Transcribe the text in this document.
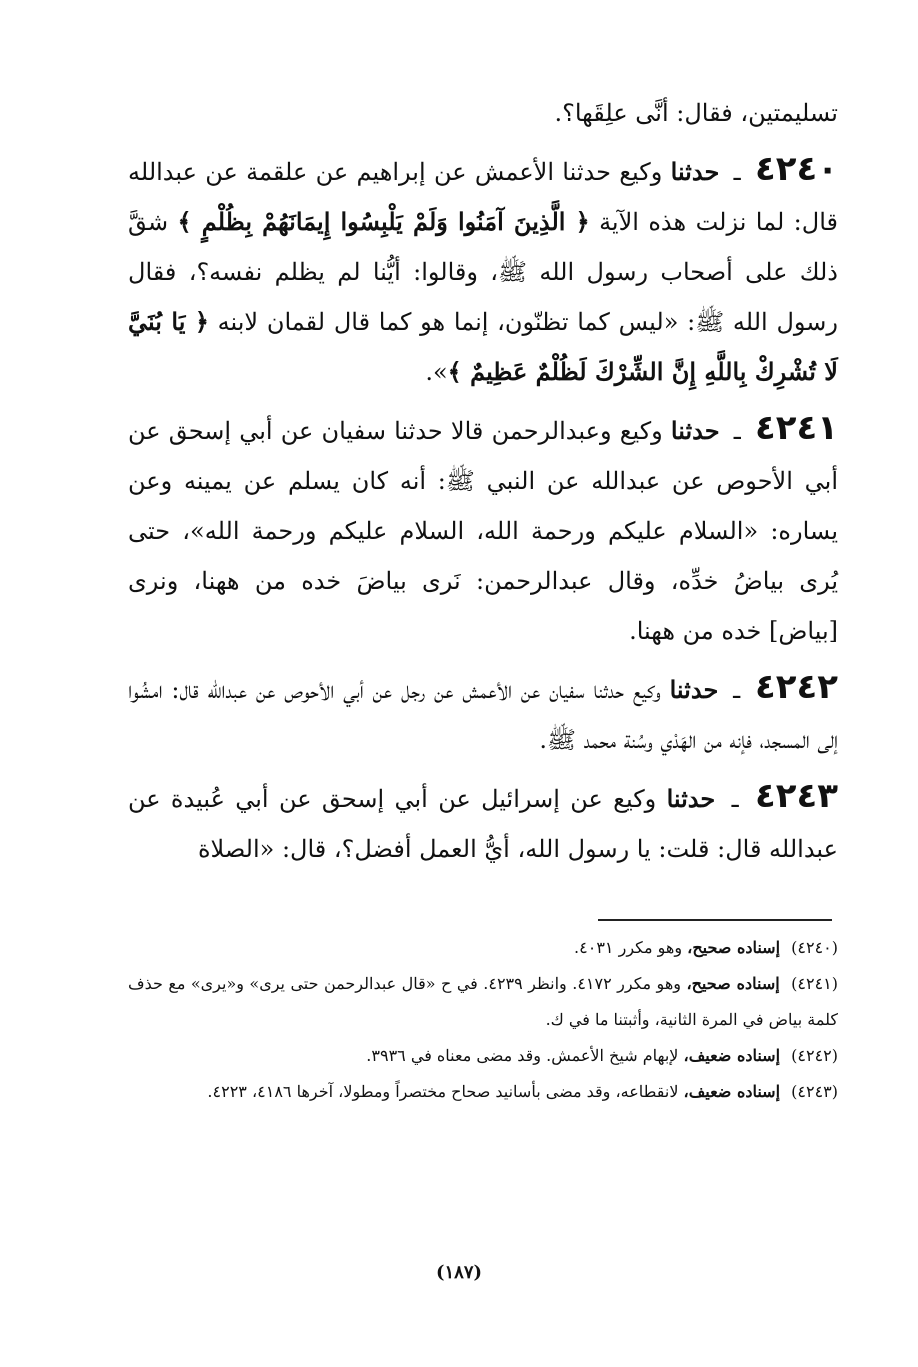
تسليمتين، فقال: أنَّى علِقَها؟.

٤٢٤٠ ـ حدثنا وكيع حدثنا الأعمش عن إبراهيم عن علقمة عن عبدالله قال: لما نزلت هذه الآية ﴿ الَّذِينَ آمَنُوا وَلَمْ يَلْبِسُوا إِيمَانَهُمْ بِظُلْمٍ ﴾ شقَّ ذلك على أصحاب رسول الله ﷺ، وقالوا: أيُّنا لم يظلم نفسه؟، فقال رسول الله ﷺ: «ليس كما تظنّون، إنما هو كما قال لقمان لابنه ﴿ يَا بُنَيَّ لَا تُشْرِكْ بِاللَّهِ إِنَّ الشِّرْكَ لَظُلْمٌ عَظِيمٌ ﴾».

٤٢٤١ ـ حدثنا وكيع وعبدالرحمن قالا حدثنا سفيان عن أبي إسحق عن أبي الأحوص عن عبدالله عن النبي ﷺ: أنه كان يسلم عن يمينه وعن يساره: «السلام عليكم ورحمة الله، السلام عليكم ورحمة الله»، حتى يُرى بياضُ خدِّه، وقال عبدالرحمن: نَرى بياضَ خده من ههنا، ونرى [بياض] خده من ههنا.

٤٢٤٢ ـ حدثنا وكيع حدثنا سفيان عن الأعمش عن رجل عن أبي الأحوص عن عبدالله قال: امشُوا إلى المسجد، فإنه من الهَدْي وسُنة محمد ﷺ.

٤٢٤٣ ـ حدثنا وكيع عن إسرائيل عن أبي إسحق عن أبي عُبيدة عن عبدالله قال: قلت: يا رسول الله، أيُّ العمل أفضل؟، قال: «الصلاة

(٤٢٤٠) إسناده صحيح، وهو مكرر ٤٠٣١.

(٤٢٤١) إسناده صحيح، وهو مكرر ٤١٧٢. وانظر ٤٢٣٩. في ح «قال عبدالرحمن حتى يرى» و«يرى» مع حذف كلمة بياض في المرة الثانية، وأثبتنا ما في ك.

(٤٢٤٢) إسناده ضعيف، لإبهام شيخ الأعمش. وقد مضى معناه في ٣٩٣٦.

(٤٢٤٣) إسناده ضعيف، لانقطاعه، وقد مضى بأسانيد صحاح مختصراً ومطولا، آخرها ٤١٨٦، ٤٢٢٣.

(١٨٧)
